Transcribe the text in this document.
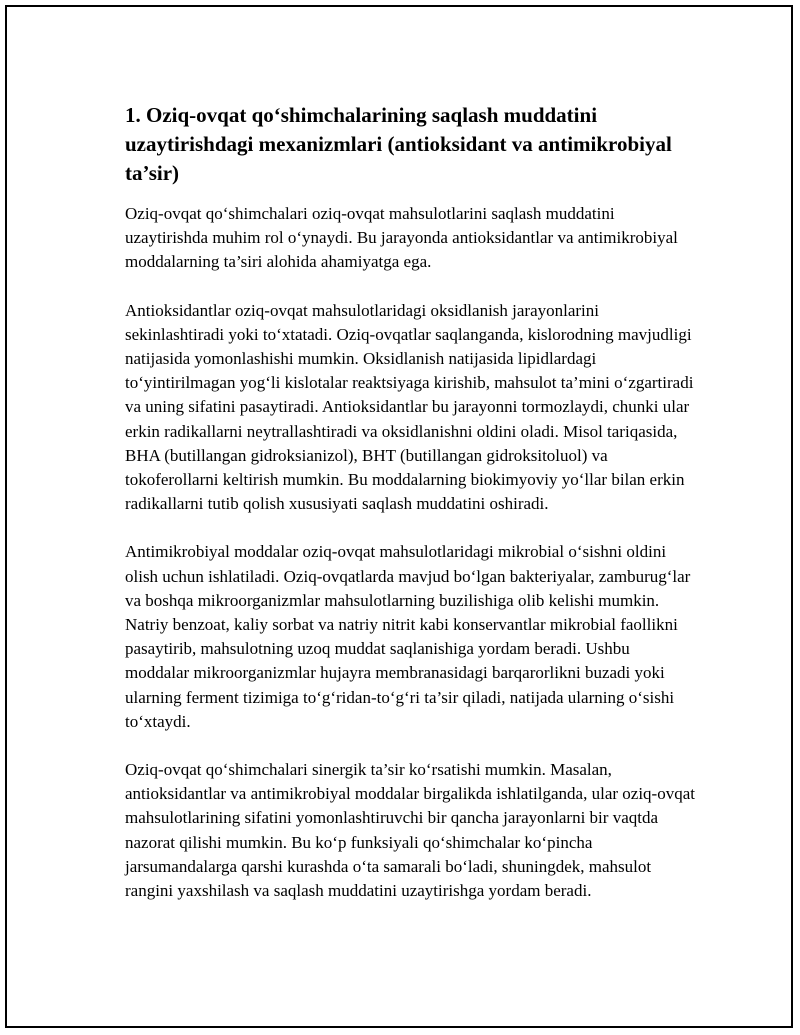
1. Oziq-ovqat qo‘shimchalarining saqlash muddatini uzaytirishdagi mexanizmlari (antioksidant va antimikrobiyal ta’sir)

Oziq-ovqat qo‘shimchalari oziq-ovqat mahsulotlarini saqlash muddatini uzaytirishda muhim rol o‘ynaydi. Bu jarayonda antioksidantlar va antimikrobiyal moddalarning ta’siri alohida ahamiyatga ega.

Antioksidantlar oziq-ovqat mahsulotlaridagi oksidlanish jarayonlarini sekinlashtiradi yoki to‘xtatadi. Oziq-ovqatlar saqlanganda, kislorodning mavjudligi natijasida yomonlashishi mumkin. Oksidlanish natijasida lipidlardagi to‘yintirilmagan yog‘li kislotalar reaktsiyaga kirishib, mahsulot ta’mini o‘zgartiradi va uning sifatini pasaytiradi. Antioksidantlar bu jarayonni tormozlaydi, chunki ular erkin radikallarni neytrallashtiradi va oksidlanishni oldini oladi. Misol tariqasida, BHA (butillangan gidroksianizol), BHT (butillangan gidroksitoluol) va tokoferollarni keltirish mumkin. Bu moddalarning biokimyoviy yo‘llar bilan erkin radikallarni tutib qolish xususiyati saqlash muddatini oshiradi.

Antimikrobiyal moddalar oziq-ovqat mahsulotlaridagi mikrobial o‘sishni oldini olish uchun ishlatiladi. Oziq-ovqatlarda mavjud bo‘lgan bakteriyalar, zamburug‘lar va boshqa mikroorganizmlar mahsulotlarning buzilishiga olib kelishi mumkin. Natriy benzoat, kaliy sorbat va natriy nitrit kabi konservantlar mikrobial faollikni pasaytirib, mahsulotning uzoq muddat saqlanishiga yordam beradi. Ushbu moddalar mikroorganizmlar hujayra membranasidagi barqarorlikni buzadi yoki ularning ferment tizimiga to‘g‘ridan-to‘g‘ri ta’sir qiladi, natijada ularning o‘sishi to‘xtaydi.

Oziq-ovqat qo‘shimchalari sinergik ta’sir ko‘rsatishi mumkin. Masalan, antioksidantlar va antimikrobiyal moddalar birgalikda ishlatilganda, ular oziq-ovqat mahsulotlarining sifatini yomonlashtiruvchi bir qancha jarayonlarni bir vaqtda nazorat qilishi mumkin. Bu ko‘p funksiyali qo‘shimchalar ko‘pincha jarsumandalarga qarshi kurashda o‘ta samarali bo‘ladi, shuningdek, mahsulot rangini yaxshilash va saqlash muddatini uzaytirishga yordam beradi.
